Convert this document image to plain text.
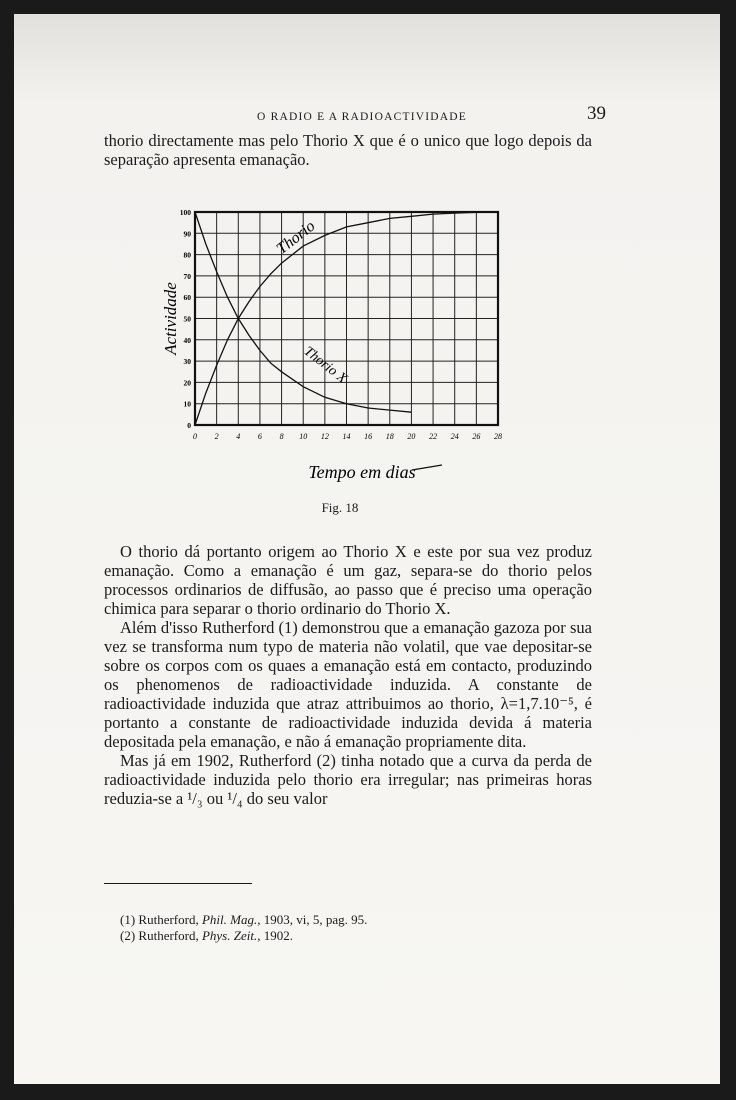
O RADIO E A RADIOACTIVIDADE	39

thorio directamente mas pelo Thorio X que é o unico que logo depois da separação apresenta emanação.

0
10
20
30
40
50
60
70
80
90
100
0 2 4 6 8 10 12 14 16 18 20 22 24 26 28
Thorio
Thorio X
Actividade
Tempo em dias
Fig. 18

O thorio dá portanto origem ao Thorio X e este por sua vez produz emanação. Como a emanação é um gaz, separa-se do thorio pelos processos ordinarios de diffusão, ao passo que é preciso uma operação chimica para separar o thorio ordinario do Thorio X.

Além d'isso Rutherford (1) demonstrou que a emanação gazoza por sua vez se transforma num typo de materia não volatil, que vae depositar-se sobre os corpos com os quaes a emanação está em contacto, produzindo os phenomenos de radioactividade induzida. A constante de radioactividade induzida que atraz attribuimos ao thorio, λ=1,7.10⁻⁵, é portanto a constante de radioactividade induzida devida á materia depositada pela emanação, e não á emanação propriamente dita.

Mas já em 1902, Rutherford (2) tinha notado que a curva da perda de radioactividade induzida pelo thorio era irregular; nas primeiras horas reduzia-se a ¹/₃ ou ¹/₄ do seu valor

(1) Rutherford, Phil. Mag., 1903, vi, 5, pag. 95.
(2) Rutherford, Phys. Zeit., 1902.
